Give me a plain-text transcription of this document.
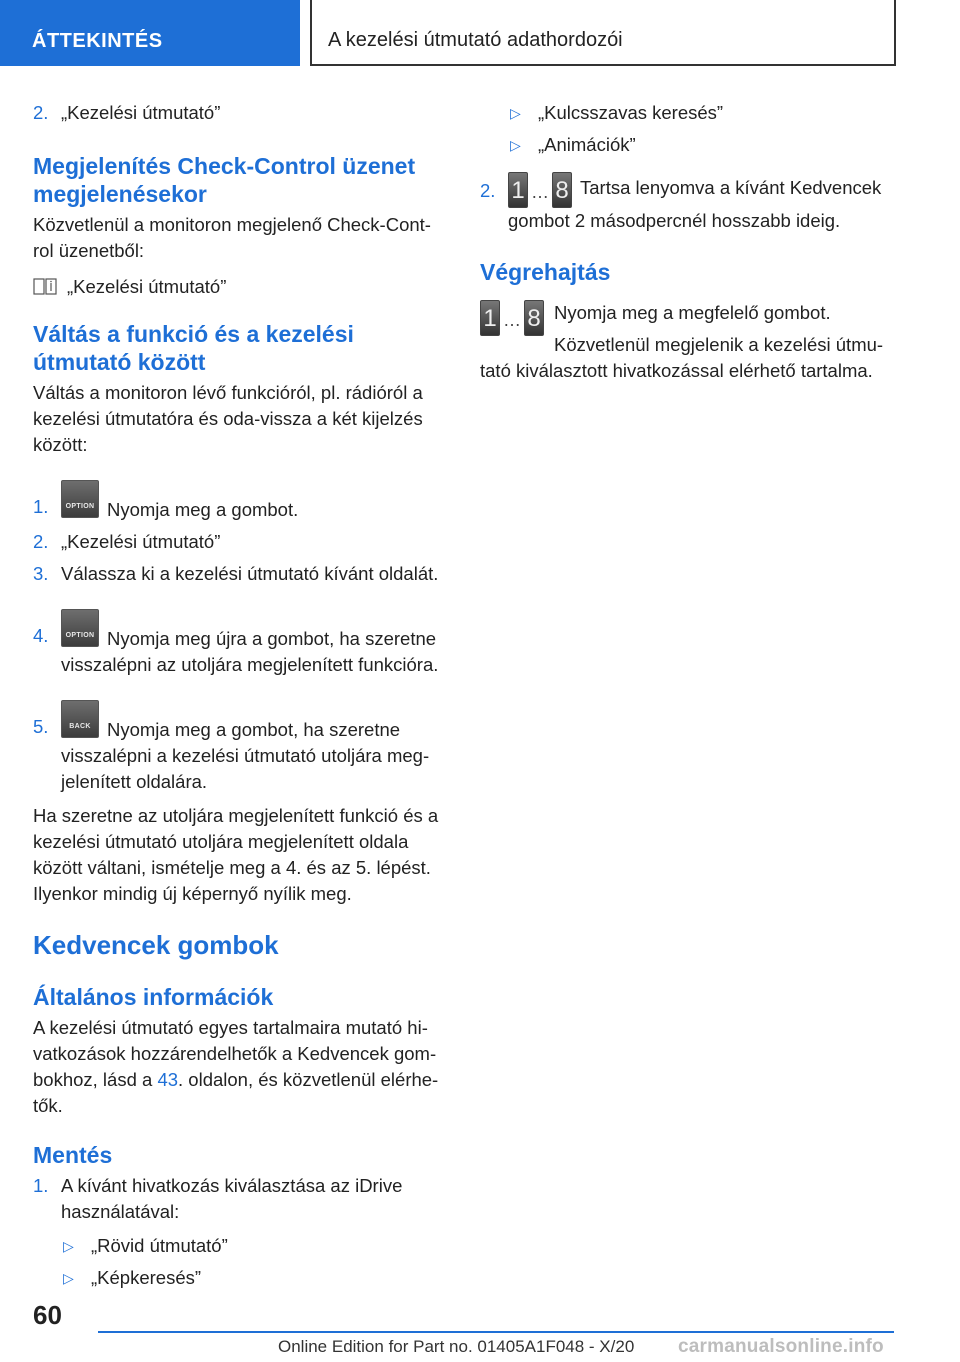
ÁTTEKINTÉS	A kezelési útmutató adathordozói
2. „Kezelési útmutató”
Megjelenítés Check-Control üzenet megjelenésekor

Közvetlenül a monitoron megjelenő Check-Cont-rol üzenetből:

„Kezelési útmutató”

Váltás a funkció és a kezelési útmutató között

Váltás a monitoron lévő funkcióról, pl. rádióról a kezelési útmutatóra és oda-vissza a két kijelzés között:

1.	OPTION Nyomja meg a gombot.
2. „Kezelési útmutató”
3. Válassza ki a kezelési útmutató kívánt oldalát.
4.	OPTION Nyomja meg újra a gombot, ha szeretne visszalépni az utoljára megjelenített funkcióra.
5.	BACK Nyomja meg a gombot, ha szeretne visszalépni a kezelési útmutató utoljára meg-jelenített oldalára.

Ha szeretne az utoljára megjelenített funkció és a kezelési útmutató utoljára megjelenített oldala között váltani, ismételje meg a 4. és az 5. lépést. Ilyenkor mindig új képernyő nyílik meg.

Kedvencek gombok
Általános információk

A kezelési útmutató egyes tartalmaira mutató hi-vatkozások hozzárendelhetők a Kedvencek gom-bokhoz, lásd a 43. oldalon, és közvetlenül elérhe-tők.

Mentés
1. A kívánt hivatkozás kiválasztása az iDrive használatával:
▷ „Rövid útmutató”
▷ „Képkeresés”
▷ „Kulcsszavas keresés”
▷ „Animációk”
2. 1 … 8 Tartsa lenyomva a kívánt Kedvencek gombot 2 másodpercnél hosszabb ideig.
Végrehajtás
1 … 8 Nyomja meg a megfelelő gombot.

Közvetlenül megjelenik a kezelési útmu-tató kiválasztott hivatkozással elérhető tartalma.

60
Online Edition for Part no. 01405A1F048 - X/20 carmanualsonline.info
